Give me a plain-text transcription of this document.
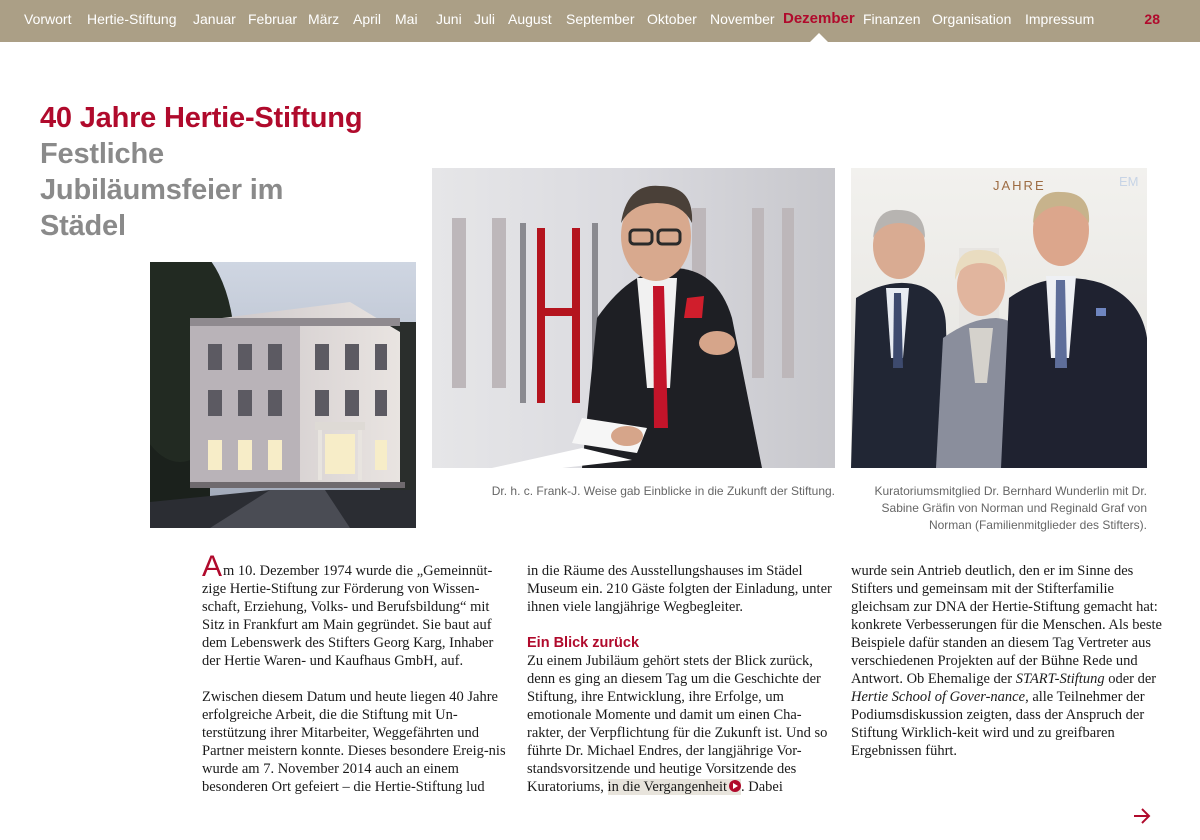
Vorwort Hertie-Stiftung Januar Februar März April Mai Juni Juli August September Oktober November Dezember Finanzen Organisation Impressum	28
40 Jahre Hertie-Stiftung
Festliche Jubiläumsfeier im Städel

Dr. h. c. Frank-J. Weise gab Einblicke in die Zukunft der Stiftung.

JAHRE	EM

Kuratoriumsmitglied Dr. Bernhard Wunderlin mit Dr. Sabine Gräfin von Norman und Reginald Graf von Norman (Familienmitglieder des Stifters).

Am 10. Dezember 1974 wurde die „Gemeinnüt-zige Hertie-Stiftung zur Förderung von Wissen-schaft, Erziehung, Volks- und Berufsbildung“ mit Sitz in Frankfurt am Main gegründet. Sie baut auf dem Lebenswerk des Stifters Georg Karg, Inhaber der Hertie Waren- und Kaufhaus GmbH, auf.

Zwischen diesem Datum und heute liegen 40 Jahre erfolgreiche Arbeit, die die Stiftung mit Un-terstützung ihrer Mitarbeiter, Weggefährten und Partner meistern konnte. Dieses besondere Ereig-nis wurde am 7. November 2014 auch an einem besonderen Ort gefeiert – die Hertie-Stiftung lud

in die Räume des Ausstellungshauses im Städel Museum ein. 210 Gäste folgten der Einladung, unter ihnen viele langjährige Wegbegleiter.

Ein Blick zurück

Zu einem Jubiläum gehört stets der Blick zurück, denn es ging an diesem Tag um die Geschichte der Stiftung, ihre Entwicklung, ihre Erfolge, um emotionale Momente und damit um einen Cha-rakter, der Verpflichtung für die Zukunft ist. Und so führte Dr. Michael Endres, der langjährige Vor-standsvorsitzende und heutige Vorsitzende des Kuratoriums, in die Vergangenheit . Dabei

wurde sein Antrieb deutlich, den er im Sinne des Stifters und gemeinsam mit der Stifterfamilie gleichsam zur DNA der Hertie-Stiftung gemacht hat: konkrete Verbesserungen für die Menschen. Als beste Beispiele dafür standen an diesem Tag Vertreter aus verschiedenen Projekten auf der Bühne Rede und Antwort. Ob Ehemalige der START-Stiftung oder der Hertie School of Gover-nance, alle Teilnehmer der Podiumsdiskussion zeigten, dass der Anspruch der Stiftung Wirklich-keit wird und zu greifbaren Ergebnissen führt.
